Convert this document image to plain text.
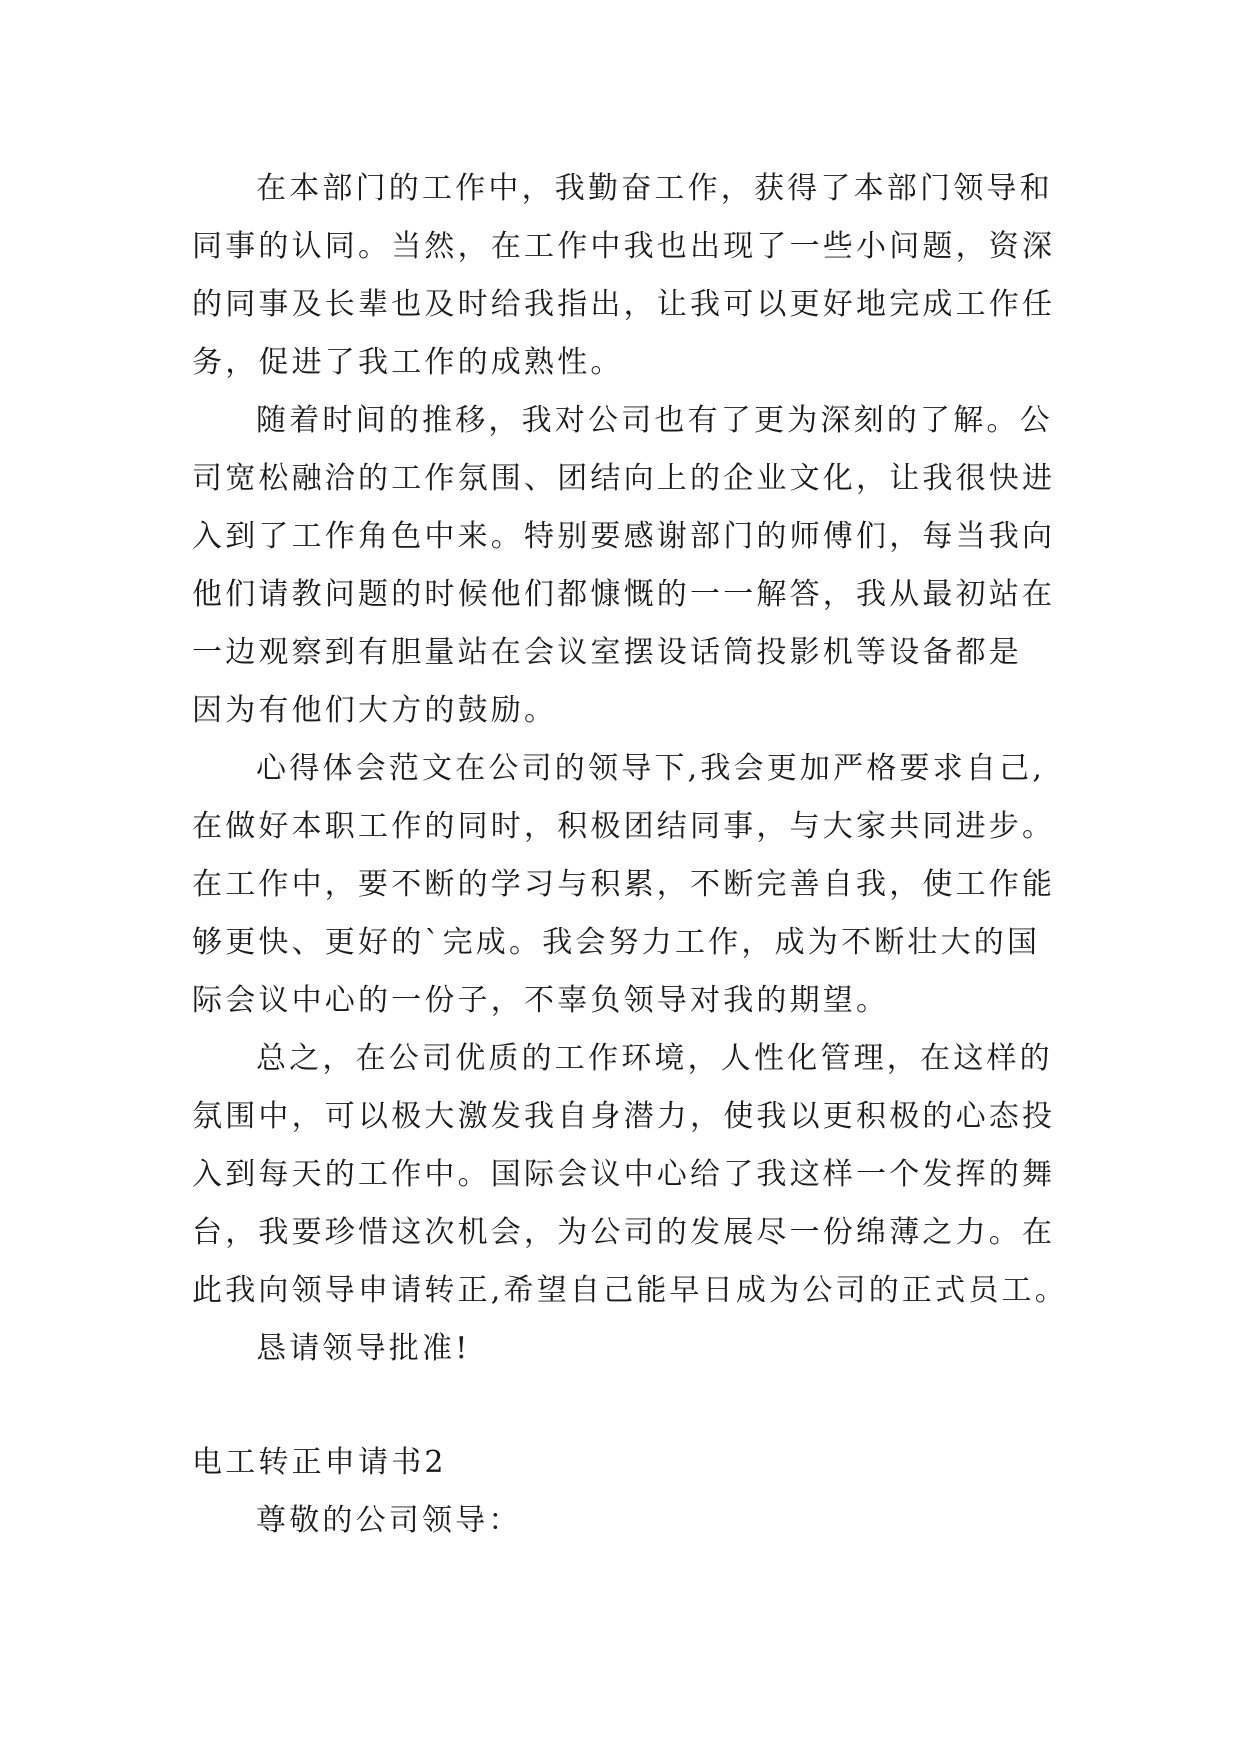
在本部门的工作中，我勤奋工作，获得了本部门领导和
同事的认同。当然，在工作中我也出现了一些小问题，资深
的同事及长辈也及时给我指出，让我可以更好地完成工作任
务，促进了我工作的成熟性。
随着时间的推移，我对公司也有了更为深刻的了解。公
司宽松融洽的工作氛围、团结向上的企业文化，让我很快进
入到了工作角色中来。特别要感谢部门的师傅们，每当我向
他们请教问题的时候他们都慷慨的一一解答，我从最初站在
一边观察到有胆量站在会议室摆设话筒投影机等设备都是
因为有他们大方的鼓励。
心得体会范文在公司的领导下,我会更加严格要求自己,
在做好本职工作的同时，积极团结同事，与大家共同进步。
在工作中，要不断的学习与积累，不断完善自我，使工作能
够更快、更好的`完成。我会努力工作，成为不断壮大的国
际会议中心的一份子，不辜负领导对我的期望。
总之，在公司优质的工作环境，人性化管理，在这样的
氛围中，可以极大激发我自身潜力，使我以更积极的心态投
入到每天的工作中。国际会议中心给了我这样一个发挥的舞
台，我要珍惜这次机会，为公司的发展尽一份绵薄之力。在
此我向领导申请转正,希望自己能早日成为公司的正式员工。
恳请领导批准!
电工转正申请书2
尊敬的公司领导：
